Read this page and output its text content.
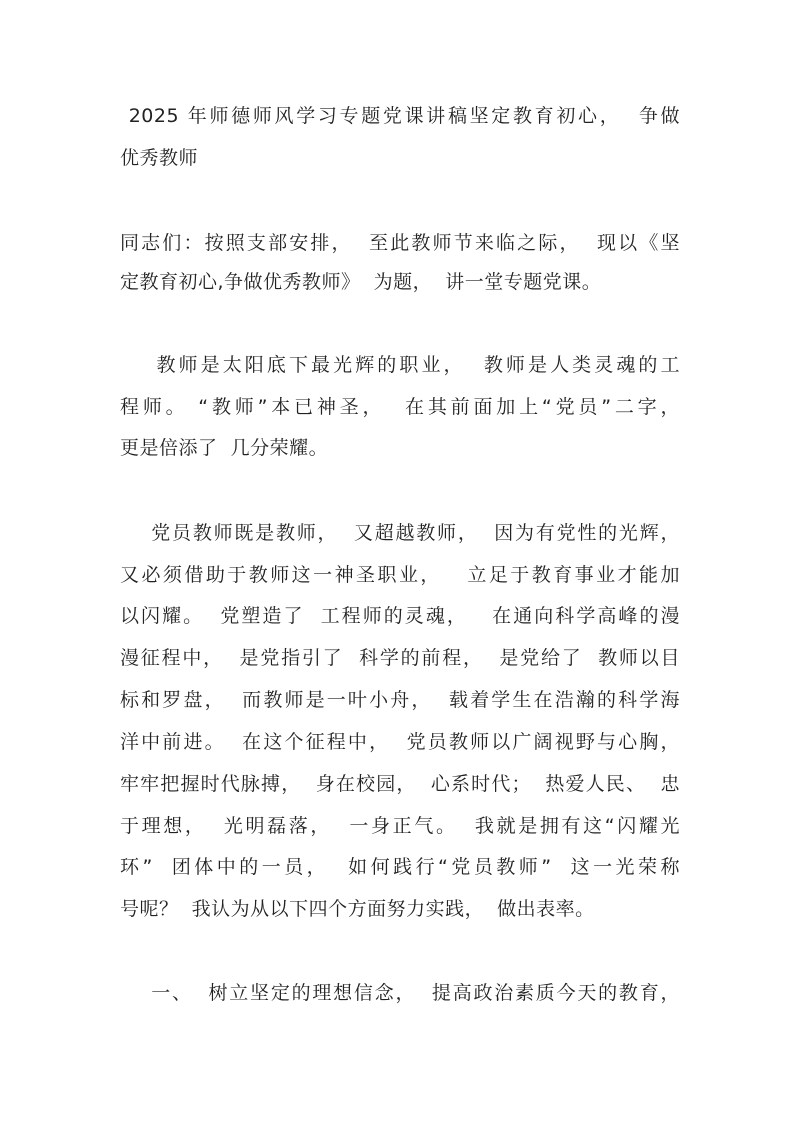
2025 年师德师风学习专题党课讲稿坚定教育初心，  争做

优秀教师

同志们：按照支部安排，  至此教师节来临之际，  现以《坚

定教育初心,争做优秀教师》  为题，  讲一堂专题党课。

教师是太阳底下最光辉的职业，  教师是人类灵魂的工

程师。 “教师”本已神圣，  在其前面加上“党员”二字，

更是倍添了  几分荣耀。

党员教师既是教师，  又超越教师，  因为有党性的光辉，

又必须借助于教师这一神圣职业，   立足于教育事业才能加

以闪耀。  党塑造了  工程师的灵魂，   在通向科学高峰的漫

漫征程中，  是党指引了  科学的前程，  是党给了  教师以目

标和罗盘，  而教师是一叶小舟，  载着学生在浩瀚的科学海

洋中前进。  在这个征程中，  党员教师以广阔视野与心胸，

牢牢把握时代脉搏，  身在校园，  心系时代；  热爱人民、  忠

于理想，  光明磊落，  一身正气。  我就是拥有这“闪耀光

环”  团体中的一员，  如何践行“党员教师”  这一光荣称

号呢？  我认为从以下四个方面努力实践，  做出表率。

一、  树立坚定的理想信念，  提高政治素质今天的教育，
